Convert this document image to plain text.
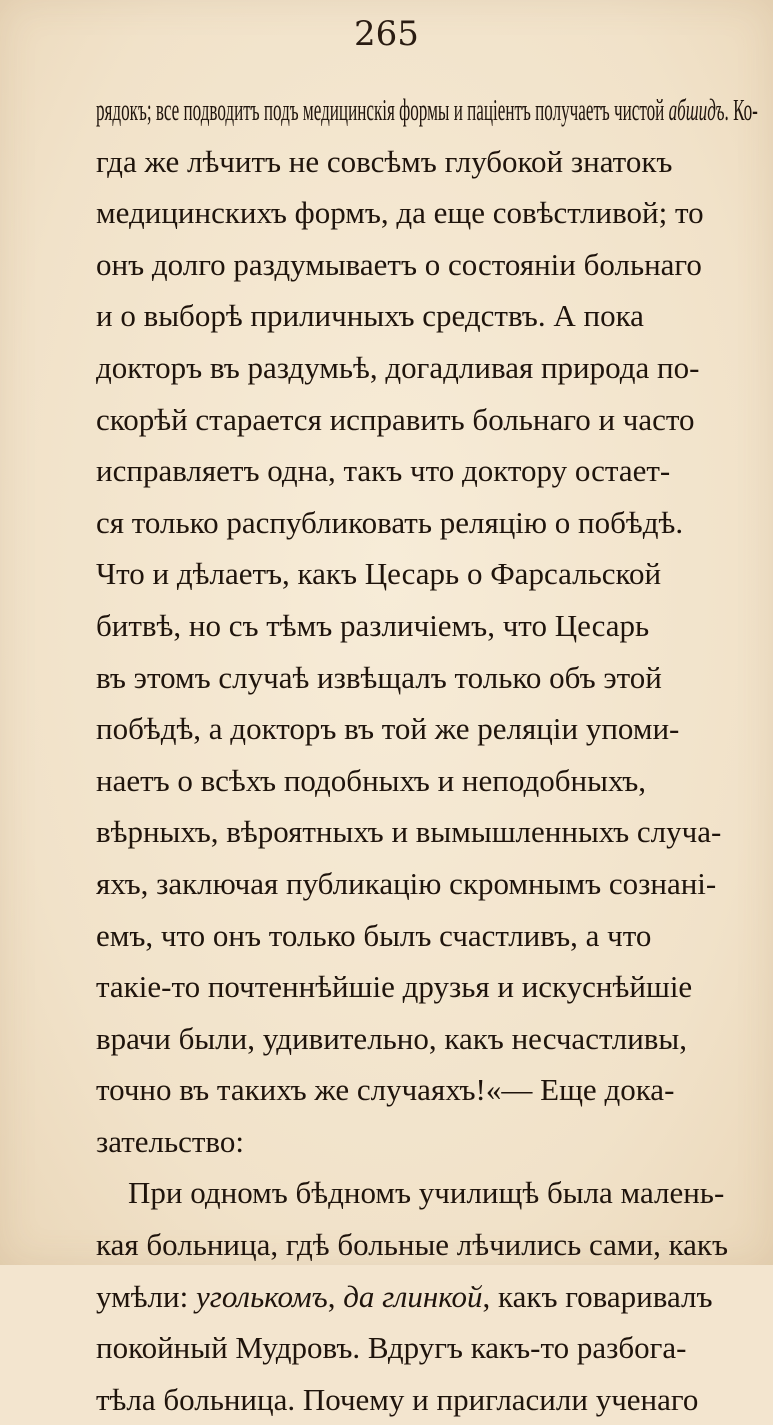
265
рядокъ; все подводитъ подъ медицинскія формы и паціентъ получаетъ чистой абшидъ. Ко-
гда же лѣчитъ не совсѣмъ глубокой знатокъ
медицинскихъ формъ, да еще совѣстливой; то
онъ долго раздумываетъ о состояніи больнаго
и о выборѣ приличныхъ средствъ. А пока
докторъ въ раздумьѣ, догадливая природа по-
скорѣй старается исправить больнаго и часто
исправляетъ одна, такъ что доктору остает-
ся только распубликовать реляцію о побѣдѣ.
Что и дѣлаетъ, какъ Цесарь о Фарсальской
битвѣ, но съ тѣмъ различіемъ, что Цесарь
въ этомъ случаѣ извѣщалъ только объ этой
побѣдѣ, а докторъ въ той же реляціи упоми-
наетъ о всѣхъ подобныхъ и неподобныхъ,
вѣрныхъ, вѣроятныхъ и вымышленныхъ случа-
яхъ, заключая публикацію скромнымъ сознані-
емъ, что онъ только былъ счастливъ, а что
такіе-то почтеннѣйшіе друзья и искуснѣйшіе
врачи были, удивительно, какъ несчастливы,
точно въ такихъ же случаяхъ!«— Еще дока-
зательство:
При одномъ бѣдномъ училищѣ была малень-
кая больница, гдѣ больные лѣчились сами, какъ
умѣли: уголькомъ, да глинкой, какъ говаривалъ
покойный Мудровъ. Вдругъ какъ-то разбога-
тѣла больница. Почему и пригласили ученаго
